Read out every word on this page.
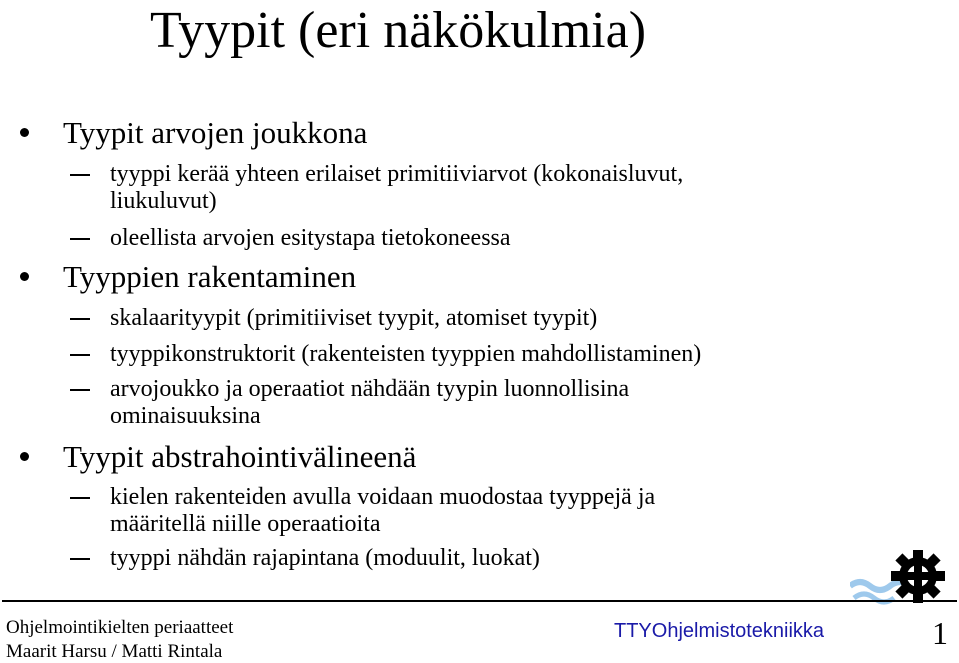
Tyypit (eri näkökulmia)
Tyypit arvojen joukkona
tyyppi kerää yhteen erilaiset primitiiviarvot (kokonaisluvut,
liukuluvut)
oleellista arvojen esitystapa tietokoneessa
Tyyppien rakentaminen
skalaarityypit (primitiiviset tyypit, atomiset tyypit)
tyyppikonstruktorit (rakenteisten tyyppien mahdollistaminen)
arvojoukko ja operaatiot nähdään tyypin luonnollisina
ominaisuuksina
Tyypit abstrahointivälineenä
kielen rakenteiden avulla voidaan muodostaa tyyppejä ja
määritellä niille operaatioita
tyyppi nähdän rajapintana (moduulit, luokat)
Ohjelmointikielten periaatteet
Maarit Harsu / Matti Rintala
TTYOhjelmistotekniikka	1
